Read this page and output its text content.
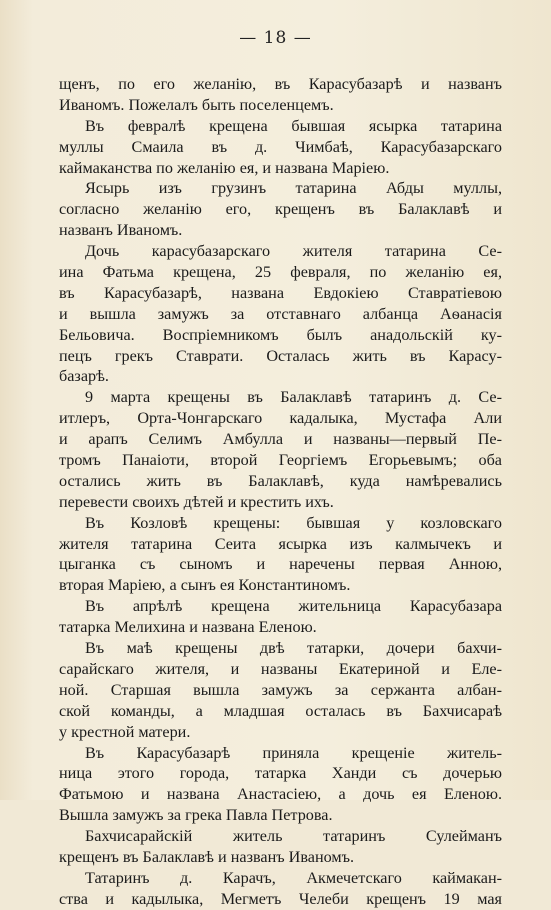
— 18 —
щенъ, по его желанію, въ Карасубазарѣ и названъ
Иваномъ. Пожелалъ быть поселенцемъ.
Въ февралѣ крещена бывшая ясырка татарина
муллы Смаила въ д. Чимбаѣ, Карасубазарскаго
каймаканства по желанію ея, и названа Маріею.
Ясырь изъ грузинъ татарина Абды муллы,
согласно желанію его, крещенъ въ Балаклавѣ и
названъ Иваномъ.
Дочь карасубазарскаго жителя татарина Се-
ина Фатьма крещена, 25 февраля, по желанію ея,
въ Карасубазарѣ, названа Евдокіею Ставратіевою
и вышла замужъ за отставнаго албанца Аѳанасія
Бельовича. Воспріемникомъ былъ анадольскій ку-
пецъ грекъ Ставрати. Осталась жить въ Карасу-
базарѣ.
9 марта крещены въ Балаклавѣ татаринъ д. Се-
итлеръ, Орта-Чонгарскаго кадалыка, Мустафа Али
и арапъ Селимъ Амбулла и названы—первый Пе-
тромъ Панаіоти, второй Георгіемъ Егорьевымъ; оба
остались жить въ Балаклавѣ, куда намѣревались
перевести своихъ дѣтей и крестить ихъ.
Въ Козловѣ крещены: бывшая у козловскаго
жителя татарина Сеита ясырка изъ калмычекъ и
цыганка съ сыномъ и наречены первая Анною,
вторая Маріею, а сынъ ея Константиномъ.
Въ апрѣлѣ крещена жительница Карасубазара
татарка Мелихина и названа Еленою.
Въ маѣ крещены двѣ татарки, дочери бахчи-
сарайскаго жителя, и названы Екатериной и Еле-
ной. Старшая вышла замужъ за сержанта албан-
ской команды, а младшая осталась въ Бахчисараѣ
у крестной матери.
Въ Карасубазарѣ приняла крещеніе житель-
ница этого города, татарка Ханди съ дочерью
Фатьмою и названа Анастасіею, а дочь ея Еленою.
Вышла замужъ за грека Павла Петрова.
Бахчисарайскій житель татаринъ Сулейманъ
крещенъ въ Балаклавѣ и названъ Иваномъ.
Татаринъ д. Карачъ, Акмечетскаго каймакан-
ства и кадылыка, Мегметъ Челеби крещенъ 19 мая
